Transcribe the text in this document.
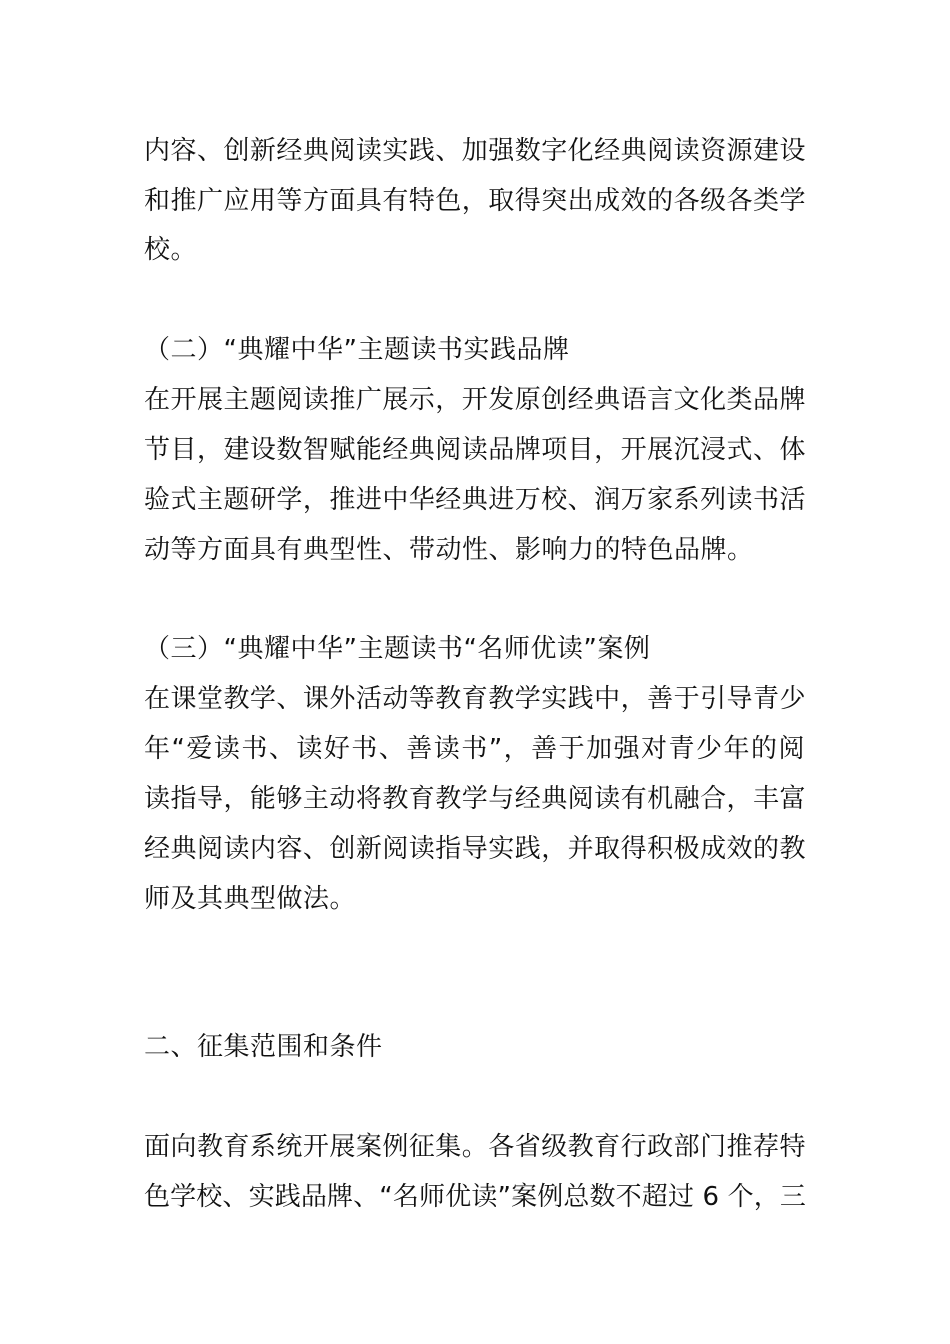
内容、创新经典阅读实践、加强数字化经典阅读资源建设
和推广应用等方面具有特色，取得突出成效的各级各类学
校。
（二）“典耀中华”主题读书实践品牌
在开展主题阅读推广展示，开发原创经典语言文化类品牌
节目，建设数智赋能经典阅读品牌项目，开展沉浸式、体
验式主题研学，推进中华经典进万校、润万家系列读书活
动等方面具有典型性、带动性、影响力的特色品牌。
（三）“典耀中华”主题读书“名师优读”案例
在课堂教学、课外活动等教育教学实践中，善于引导青少
年“爱读书、读好书、善读书”，善于加强对青少年的阅
读指导，能够主动将教育教学与经典阅读有机融合，丰富
经典阅读内容、创新阅读指导实践，并取得积极成效的教
师及其典型做法。
二、征集范围和条件
面向教育系统开展案例征集。各省级教育行政部门推荐特
色学校、实践品牌、“名师优读”案例总数不超过 6 个，三
